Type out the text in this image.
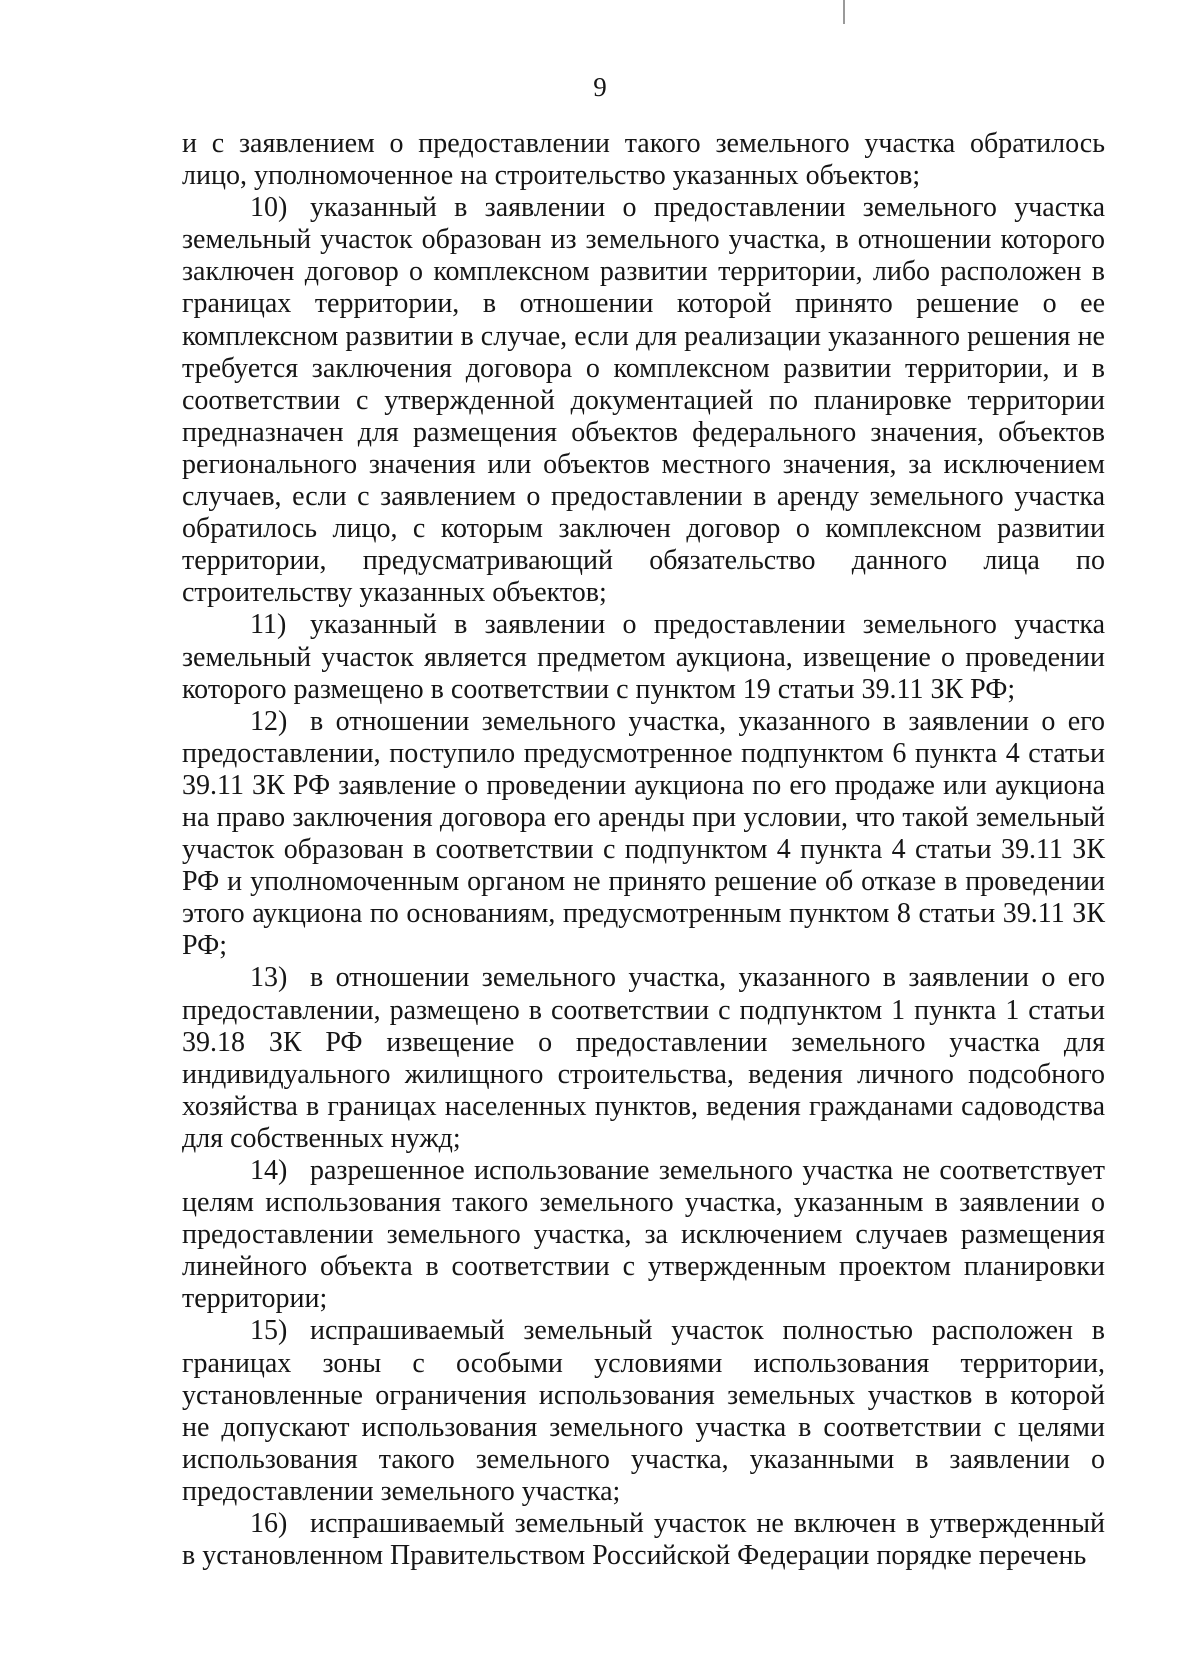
9

и с заявлением о предоставлении такого земельного участка обратилось лицо, уполномоченное на строительство указанных объектов;

10) указанный в заявлении о предоставлении земельного участка земельный участок образован из земельного участка, в отношении которого заключен договор о комплексном развитии территории, либо расположен в границах территории, в отношении которой принято решение о ее комплексном развитии в случае, если для реализации указанного решения не требуется заключения договора о комплексном развитии территории, и в соответствии с утвержденной документацией по планировке территории предназначен для размещения объектов федерального значения, объектов регионального значения или объектов местного значения, за исключением случаев, если с заявлением о предоставлении в аренду земельного участка обратилось лицо, с которым заключен договор о комплексном развитии территории, предусматривающий обязательство данного лица по строительству указанных объектов;

11) указанный в заявлении о предоставлении земельного участка земельный участок является предметом аукциона, извещение о проведении которого размещено в соответствии с пунктом 19 статьи 39.11 ЗК РФ;

12) в отношении земельного участка, указанного в заявлении о его предоставлении, поступило предусмотренное подпунктом 6 пункта 4 статьи 39.11 ЗК РФ заявление о проведении аукциона по его продаже или аукциона на право заключения договора его аренды при условии, что такой земельный участок образован в соответствии с подпунктом 4 пункта 4 статьи 39.11 ЗК РФ и уполномоченным органом не принято решение об отказе в проведении этого аукциона по основаниям, предусмотренным пунктом 8 статьи 39.11 ЗК РФ;

13) в отношении земельного участка, указанного в заявлении о его предоставлении, размещено в соответствии с подпунктом 1 пункта 1 статьи 39.18 ЗК РФ извещение о предоставлении земельного участка для индивидуального жилищного строительства, ведения личного подсобного хозяйства в границах населенных пунктов, ведения гражданами садоводства для собственных нужд;

14) разрешенное использование земельного участка не соответствует целям использования такого земельного участка, указанным в заявлении о предоставлении земельного участка, за исключением случаев размещения линейного объекта в соответствии с утвержденным проектом планировки территории;

15) испрашиваемый земельный участок полностью расположен в границах зоны с особыми условиями использования территории, установленные ограничения использования земельных участков в которой не допускают использования земельного участка в соответствии с целями использования такого земельного участка, указанными в заявлении о предоставлении земельного участка;

16) испрашиваемый земельный участок не включен в утвержденный в установленном Правительством Российской Федерации порядке перечень
